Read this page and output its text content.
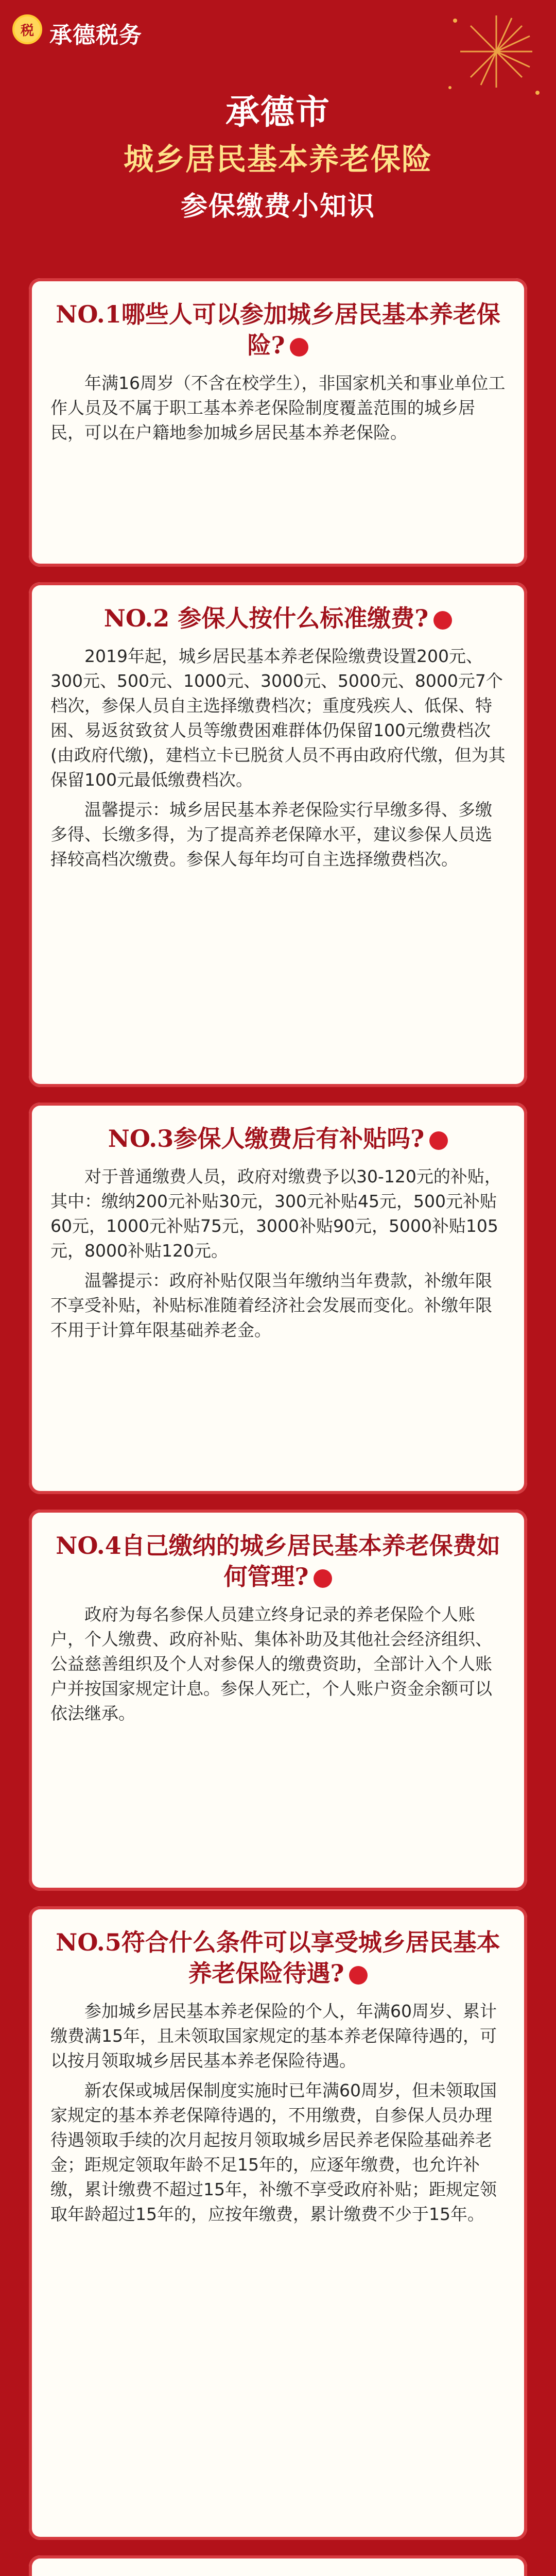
税 承德税务
承德市
城乡居民基本养老保险
参保缴费小知识
NO.1哪些人可以参加城乡居民基本养老保险?

年满16周岁（不含在校学生），非国家机关和事业单位工作人员及不属于职工基本养老保险制度覆盖范围的城乡居民，可以在户籍地参加城乡居民基本养老保险。

NO.2 参保人按什么标准缴费?

2019年起，城乡居民基本养老保险缴费设置200元、300元、500元、1000元、3000元、5000元、8000元7个档次，参保人员自主选择缴费档次；重度残疾人、低保、特困、易返贫致贫人员等缴费困难群体仍保留100元缴费档次(由政府代缴)，建档立卡已脱贫人员不再由政府代缴，但为其保留100元最低缴费档次。

温馨提示：城乡居民基本养老保险实行早缴多得、多缴多得、长缴多得，为了提高养老保障水平，建议参保人员选择较高档次缴费。参保人每年均可自主选择缴费档次。

NO.3参保人缴费后有补贴吗?

对于普通缴费人员，政府对缴费予以30-120元的补贴，其中：缴纳200元补贴30元，300元补贴45元，500元补贴60元，1000元补贴75元，3000补贴90元，5000补贴105元，8000补贴120元。

温馨提示：政府补贴仅限当年缴纳当年费款，补缴年限不享受补贴，补贴标准随着经济社会发展而变化。补缴年限不用于计算年限基础养老金。

NO.4自己缴纳的城乡居民基本养老保费如何管理?

政府为每名参保人员建立终身记录的养老保险个人账户，个人缴费、政府补贴、集体补助及其他社会经济组织、公益慈善组织及个人对参保人的缴费资助，全部计入个人账户并按国家规定计息。参保人死亡，个人账户资金余额可以依法继承。

NO.5符合什么条件可以享受城乡居民基本养老保险待遇?

参加城乡居民基本养老保险的个人，年满60周岁、累计缴费满15年，且未领取国家规定的基本养老保障待遇的，可以按月领取城乡居民基本养老保险待遇。

新农保或城居保制度实施时已年满60周岁，但未领取国家规定的基本养老保障待遇的，不用缴费，自参保人员办理待遇领取手续的次月起按月领取城乡居民养老保险基础养老金；距规定领取年龄不足15年的，应逐年缴费，也允许补缴，累计缴费不超过15年，补缴不享受政府补贴；距规定领取年龄超过15年的，应按年缴费，累计缴费不少于15年。
